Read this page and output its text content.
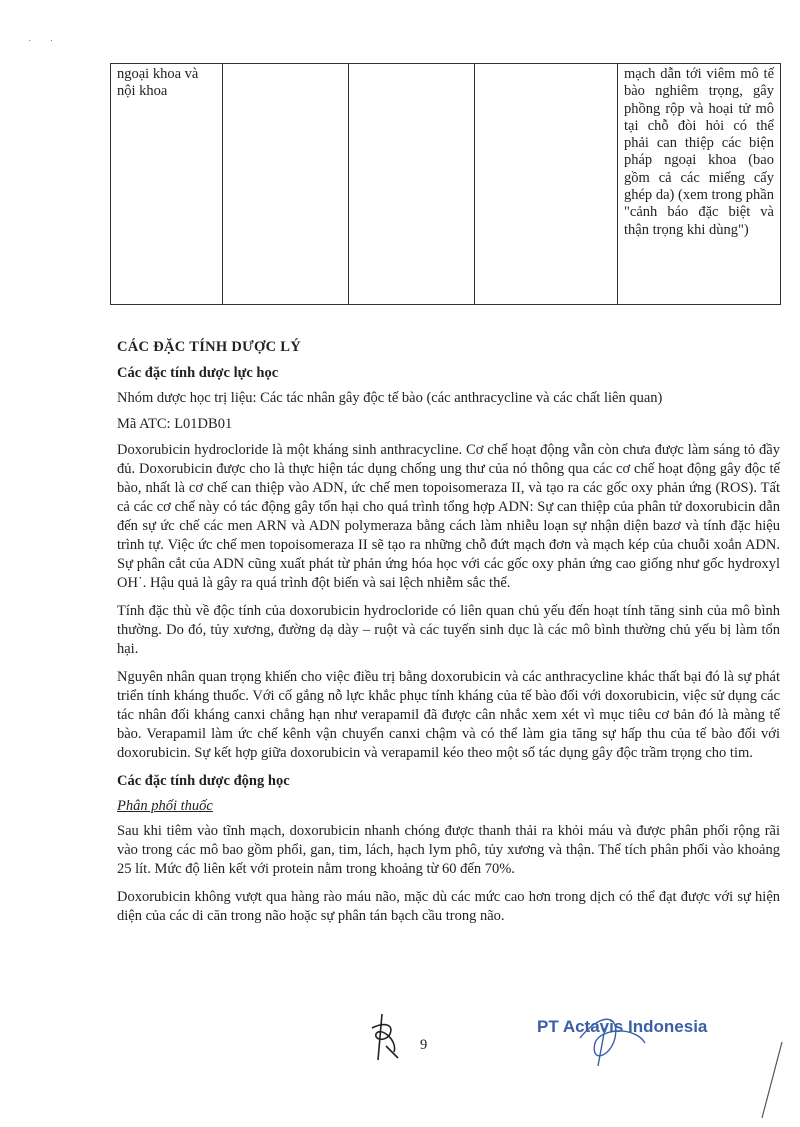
· ·
ngoại khoa và nội khoa				mạch dẫn tới viêm mô tế bào nghiêm trọng, gây phồng rộp và hoại tử mô tại chỗ đòi hỏi có thể phải can thiệp các biện pháp ngoại khoa (bao gồm cả các miếng cấy ghép da) (xem trong phần "cảnh báo đặc biệt và thận trọng khi dùng")
CÁC ĐẶC TÍNH DƯỢC LÝ
Các đặc tính dược lực học

Nhóm dược học trị liệu: Các tác nhân gây độc tế bào (các anthracycline và các chất liên quan)

Mã ATC: L01DB01

Doxorubicin hydrocloride là một kháng sinh anthracycline. Cơ chế hoạt động vẫn còn chưa được làm sáng tỏ đầy đủ. Doxorubicin được cho là thực hiện tác dụng chống ung thư của nó thông qua các cơ chế hoạt động gây độc tế bào, nhất là cơ chế can thiệp vào ADN, ức chế men topoisomeraza II, và tạo ra các gốc oxy phản ứng (ROS). Tất cả các cơ chế này có tác động gây tổn hại cho quá trình tổng hợp ADN: Sự can thiệp của phân tử doxorubicin dẫn đến sự ức chế các men ARN và ADN polymeraza bằng cách làm nhiễu loạn sự nhận diện bazơ và tính đặc hiệu trình tự. Việc ức chế men topoisomeraza II sẽ tạo ra những chỗ đứt mạch đơn và mạch kép của chuỗi xoắn ADN. Sự phân cắt của ADN cũng xuất phát từ phản ứng hóa học với các gốc oxy phản ứng cao giống như gốc hydroxyl OH˙. Hậu quả là gây ra quá trình đột biến và sai lệch nhiễm sắc thể.

Tính đặc thù về độc tính của doxorubicin hydrocloride có liên quan chủ yếu đến hoạt tính tăng sinh của mô bình thường. Do đó, tủy xương, đường dạ dày – ruột và các tuyến sinh dục là các mô bình thường chủ yếu bị làm tổn hại.

Nguyên nhân quan trọng khiến cho việc điều trị bằng doxorubicin và các anthracycline khác thất bại đó là sự phát triển tính kháng thuốc. Với cố gắng nỗ lực khắc phục tính kháng của tế bào đối với doxorubicin, việc sử dụng các tác nhân đối kháng canxi chẳng hạn như verapamil đã được cân nhắc xem xét vì mục tiêu cơ bản đó là màng tế bào. Verapamil làm ức chế kênh vận chuyển canxi chậm và có thể làm gia tăng sự hấp thu của tế bào đối với doxorubicin. Sự kết hợp giữa doxorubicin và verapamil kéo theo một số tác dụng gây độc trầm trọng cho tim.

Các đặc tính dược động học

Phân phối thuốc

Sau khi tiêm vào tĩnh mạch, doxorubicin nhanh chóng được thanh thải ra khỏi máu và được phân phối rộng rãi vào trong các mô bao gồm phổi, gan, tim, lách, hạch lym phô, tủy xương và thận. Thể tích phân phối vào khoảng 25 lít. Mức độ liên kết với protein nằm trong khoảng từ 60 đến 70%.

Doxorubicin không vượt qua hàng rào máu não, mặc dù các mức cao hơn trong dịch có thể đạt được với sự hiện diện của các di căn trong não hoặc sự phân tán bạch cầu trong não.

9
PT Actavis Indonesia
